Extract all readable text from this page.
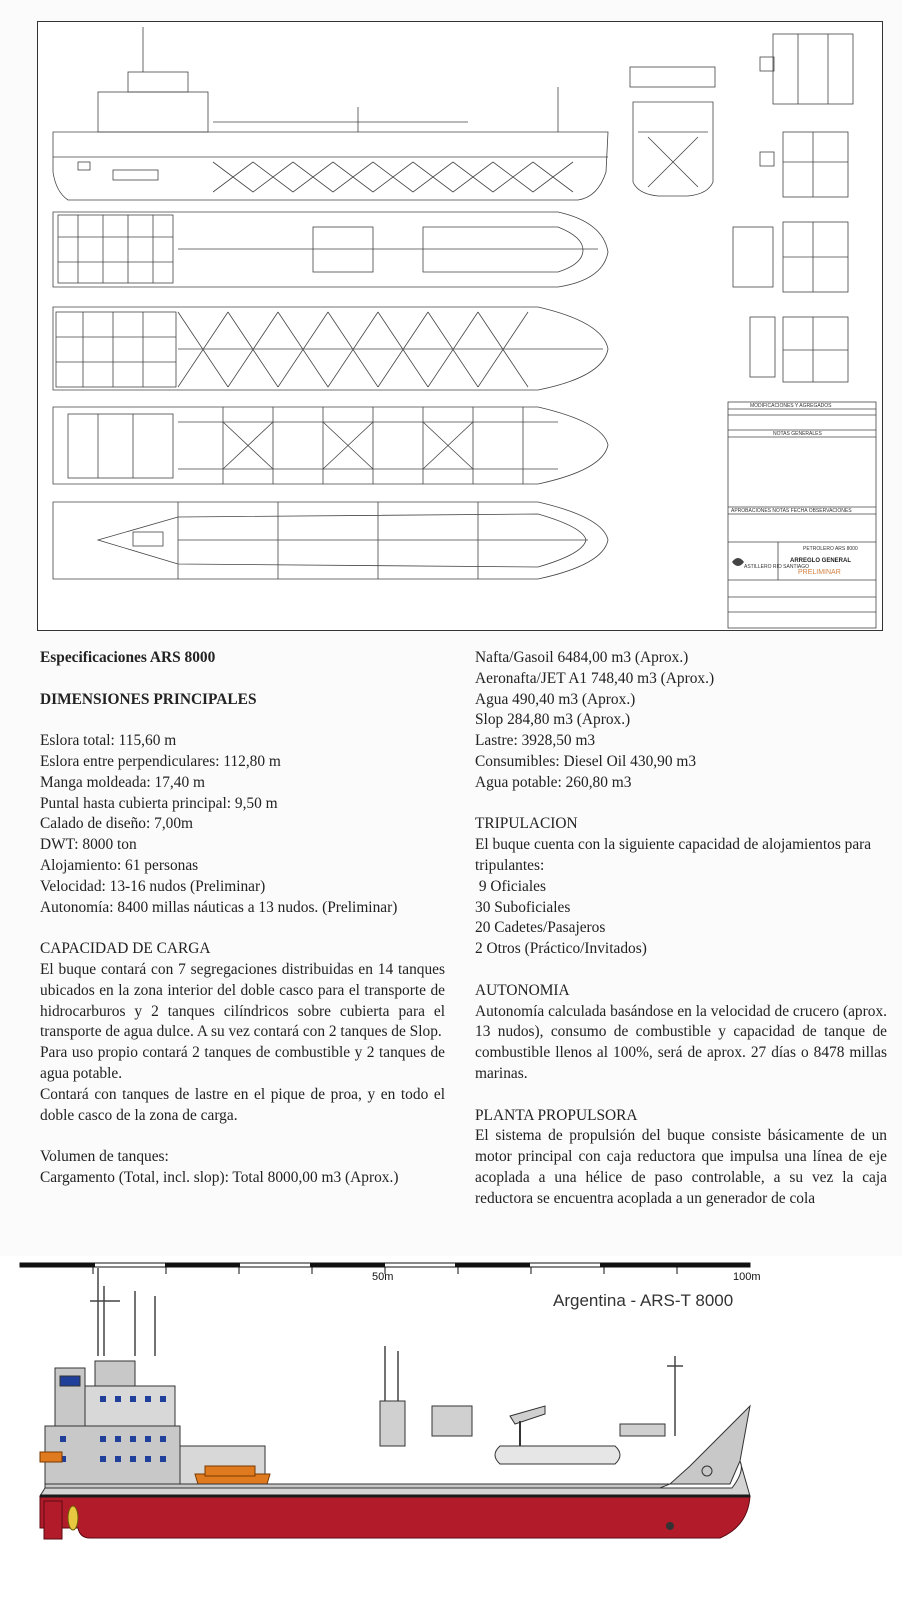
MODIFICACIONES Y AGREGADOS
NOTAS GENERALES
APROBACIONES NOTAS FECHA OBSERVACIONES
ASTILLERO RIO SANTIAGO
PETROLERO ARS 8000
ARREGLO GENERAL
PRELIMINAR

Especificaciones ARS 8000

DIMENSIONES PRINCIPALES

Eslora total: 115,60 m

Eslora entre perpendiculares: 112,80 m

Manga moldeada: 17,40 m

Puntal hasta cubierta principal: 9,50 m

Calado de diseño: 7,00m

DWT: 8000 ton

Alojamiento: 61 personas

Velocidad: 13-16 nudos (Preliminar)

Autonomía: 8400 millas náuticas a 13 nudos. (Preliminar)

CAPACIDAD DE CARGA

El buque contará con 7 segregaciones distribuidas en 14 tanques ubicados en la zona interior del doble casco para el transporte de hidrocarburos y 2 tanques cilíndricos sobre cubierta para el transporte de agua dulce. A su vez contará con 2 tanques de Slop.

Para uso propio contará 2 tanques de combustible y 2 tanques de agua potable.

Contará con tanques de lastre en el pique de proa, y en todo el doble casco de la zona de carga.

Volumen de tanques:

Cargamento (Total, incl. slop): Total 8000,00 m3 (Aprox.)

Nafta/Gasoil 6484,00 m3 (Aprox.)

Aeronafta/JET A1 748,40 m3 (Aprox.)

Agua 490,40 m3 (Aprox.)

Slop 284,80 m3 (Aprox.)

Lastre: 3928,50 m3

Consumibles: Diesel Oil 430,90 m3

Agua potable: 260,80 m3

TRIPULACION

El buque cuenta con la siguiente capacidad de alojamientos para tripulantes:

9 Oficiales

30 Suboficiales

20 Cadetes/Pasajeros

2 Otros (Práctico/Invitados)

AUTONOMIA

Autonomía calculada basándose en la velocidad de crucero (aprox. 13 nudos), consumo de combustible y capacidad de tanque de combustible llenos al 100%, será de aprox. 27 días o 8478 millas marinas.

PLANTA PROPULSORA

El sistema de propulsión del buque consiste básicamente de un motor principal con caja reductora que impulsa una línea de eje acoplada a una hélice de paso controlable, a su vez la caja reductora se encuentra acoplada a un generador de cola

50m	100m
Argentina - ARS-T 8000
